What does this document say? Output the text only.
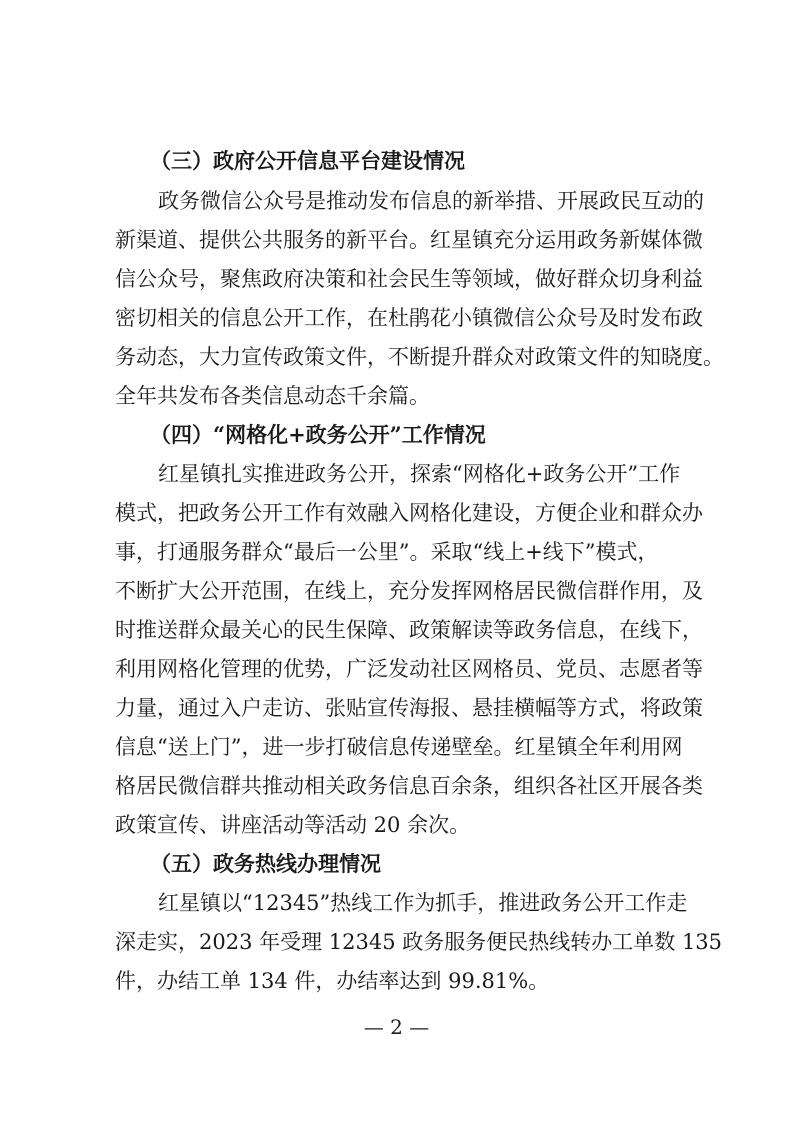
（三）政府公开信息平台建设情况
政务微信公众号是推动发布信息的新举措、开展政民互动的
新渠道、提供公共服务的新平台。红星镇充分运用政务新媒体微
信公众号，聚焦政府决策和社会民生等领域，做好群众切身利益
密切相关的信息公开工作，在杜鹃花小镇微信公众号及时发布政
务动态，大力宣传政策文件，不断提升群众对政策文件的知晓度。
全年共发布各类信息动态千余篇。
（四）“网格化+政务公开”工作情况
红星镇扎实推进政务公开，探索“网格化+政务公开”工作
模式，把政务公开工作有效融入网格化建设，方便企业和群众办
事，打通服务群众“最后一公里”。采取“线上+线下”模式，
不断扩大公开范围，在线上，充分发挥网格居民微信群作用，及
时推送群众最关心的民生保障、政策解读等政务信息，在线下，
利用网格化管理的优势，广泛发动社区网格员、党员、志愿者等
力量，通过入户走访、张贴宣传海报、悬挂横幅等方式，将政策
信息“送上门”，进一步打破信息传递壁垒。红星镇全年利用网
格居民微信群共推动相关政务信息百余条，组织各社区开展各类
政策宣传、讲座活动等活动 20 余次。
（五）政务热线办理情况
红星镇以“12345”热线工作为抓手，推进政务公开工作走
深走实，2023 年受理 12345 政务服务便民热线转办工单数 135
件，办结工单 134 件，办结率达到 99.81%。
— 2 —
